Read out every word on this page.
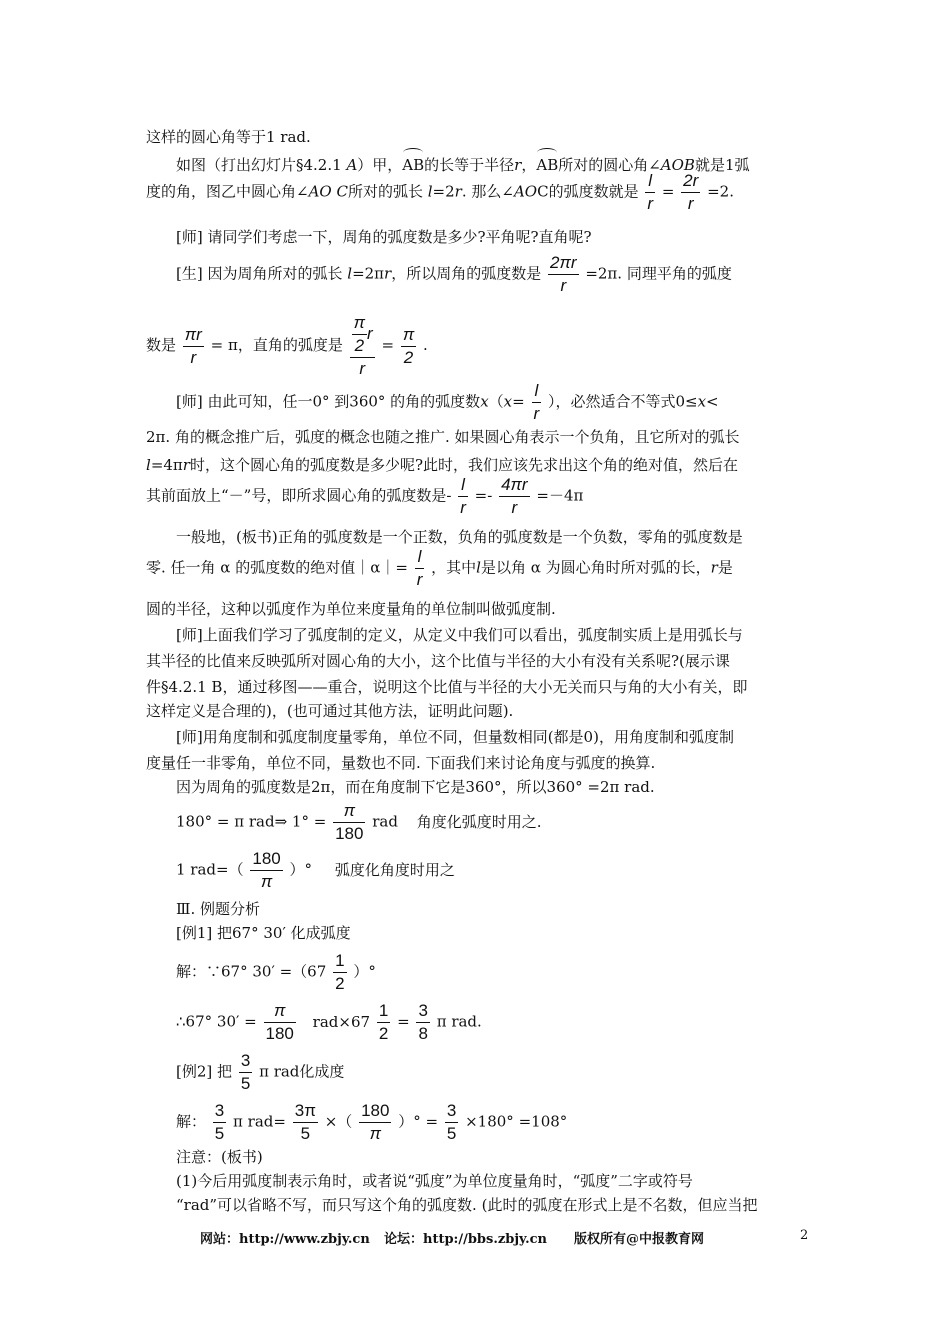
这样的圆心角等于1 rad.
如图（打出幻灯片§4.2.1 A）甲，AB的长等于半径r，AB所对的圆心角∠AOB就是1弧
度的角，图乙中圆心角∠AO C所对的弧长 l=2r. 那么∠AOC的弧度数就是 $\frac{l}{r} = \frac{2r}{r} =2$.
[师] 请同学们考虑一下，周角的弧度数是多少?平角呢?直角呢?
[生] 因为周角所对的弧长 l=2πr，所以周角的弧度数是 $\frac{2\pi r}{r} =2\pi$. 同理平角的弧度
数是 $\frac{\pi r}{r} = \pi$，直角的弧度是 $\frac{\frac{\pi}{2} r}{r} = \frac{\pi}{2}$ .
[师] 由此可知，任一0° 到360° 的角的弧度数$x(x= \frac{l}{r}$ ），必然适合不等式0≤x<
2π. 角的概念推广后，弧度的概念也随之推广. 如果圆心角表示一个负角，且它所对的弧长
l=4πr时，这个圆心角的弧度数是多少呢?此时，我们应该先求出这个角的绝对值，然后在
其前面放上“－”号，即所求圆心角的弧度数是- $\frac{l}{r} =- \frac{4\pi r}{r} =-4\pi$
一般地，(板书)正角的弧度数是一个正数，负角的弧度数是一个负数，零角的弧度数是
零. 任一角 α 的弧度数的绝对值｜α｜= $\frac{l}{r}$ ，其中l是以角 α 为圆心角时所对弧的长，r是
圆的半径，这种以弧度作为单位来度量角的单位制叫做弧度制.
[师]上面我们学习了弧度制的定义，从定义中我们可以看出，弧度制实质上是用弧长与
其半径的比值来反映弧所对圆心角的大小，这个比值与半径的大小有没有关系呢?(展示课
件§4.2.1 B，通过移图——重合，说明这个比值与半径的大小无关而只与角的大小有关，即
这样定义是合理的)，(也可通过其他方法，证明此问题).
[师]用角度制和弧度制度量零角，单位不同，但量数相同(都是0)，用角度制和弧度制
度量任一非零角，单位不同，量数也不同. 下面我们来讨论角度与弧度的换算.
因为周角的弧度数是2π，而在角度制下它是360°，所以360° =2π rad.
180° = π rad⇒ $1^\circ = \frac{\pi}{180}$ rad 角度化弧度时用之.
1 $rad=( \frac{180}{\pi}$ ）° 弧度化角度时用之
Ⅲ. 例题分析
[例1] 把67° 30′ 化成弧度
解：∵67° $30' =(67 \frac{1}{2}$ ）°
∴67° $30' = \frac{\pi}{180} rad\times 67 \frac{1}{2} = \frac{3}{8}$ π rad.
[例2] 把 $\frac{3}{5}$ π rad化成度
解： $\frac{3}{5}$ π $rad= \frac{3\pi}{5}$ ×（ $\frac{180}{\pi}$ ）° = $\frac{3}{5} \times 180^\circ =108^\circ$
注意：(板书)
(1)今后用弧度制表示角时，或者说“弧度”为单位度量角时，“弧度”二字或符号
“rad”可以省略不写，而只写这个角的弧度数. (此时的弧度在形式上是不名数，但应当把
网站：http://www.zbjy.cn 论坛：http://bbs.zbjy.cn 版权所有@中报教育网	2
